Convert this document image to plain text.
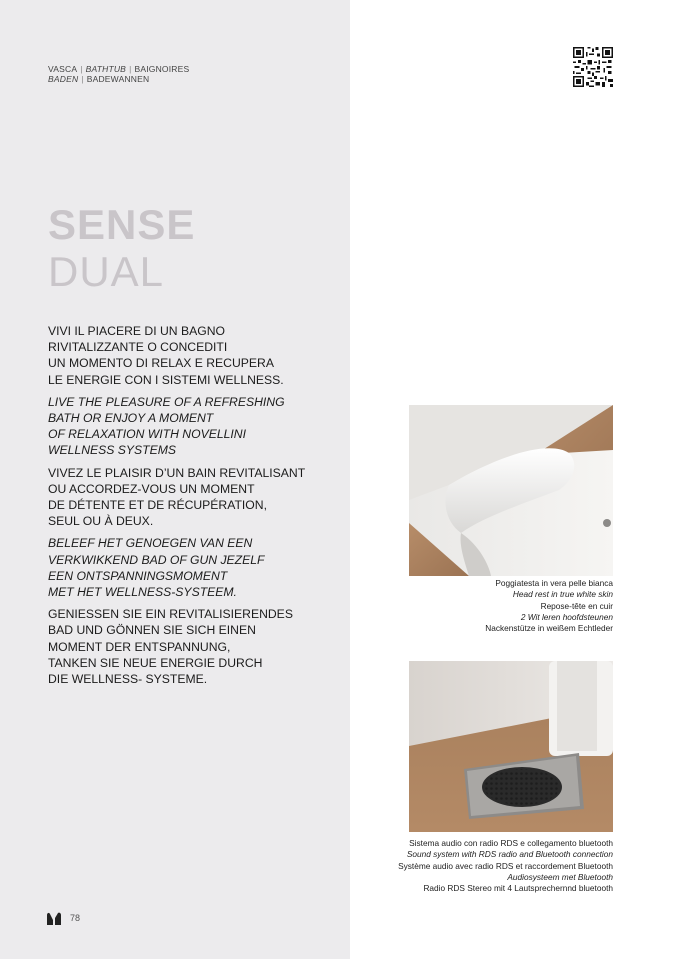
VASCA | BATHTUB | BAIGNOIRES
BADEN | BADEWANNEN
SENSE
DUAL
VIVI IL PIACERE DI UN BAGNO
RIVITALIZZANTE O CONCEDITI
UN MOMENTO DI RELAX E RECUPERA
LE ENERGIE CON I SISTEMI WELLNESS.
LIVE THE PLEASURE OF A REFRESHING
BATH OR ENJOY A MOMENT
OF RELAXATION WITH NOVELLINI
WELLNESS SYSTEMS
VIVEZ LE PLAISIR D’UN BAIN REVITALISANT
OU ACCORDEZ-VOUS UN MOMENT
DE DÉTENTE ET DE RÉCUPÉRATION,
SEUL OU À DEUX.
BELEEF HET GENOEGEN VAN EEN
VERKWIKKEND BAD OF GUN JEZELF
EEN ONTSPANNINGSMOMENT
MET HET WELLNESS-SYSTEEM.
GENIESSEN SIE EIN REVITALISIERENDES
BAD UND GÖNNEN SIE SICH EINEN
MOMENT DER ENTSPANNUNG,
TANKEN SIE NEUE ENERGIE DURCH
DIE WELLNESS- SYSTEME.
Poggiatesta in vera pelle bianca
Head rest in true white skin
Repose-tête en cuir
2 Wit leren hoofdsteunen
Nackenstütze in weißem Echtleder
Sistema audio con radio RDS e collegamento bluetooth
Sound system with RDS radio and Bluetooth connection
Système audio avec radio RDS et raccordement Bluetooth
Audiosysteem met Bluetooth
Radio RDS Stereo mit 4 Lautsprechernnd bluetooth
78
